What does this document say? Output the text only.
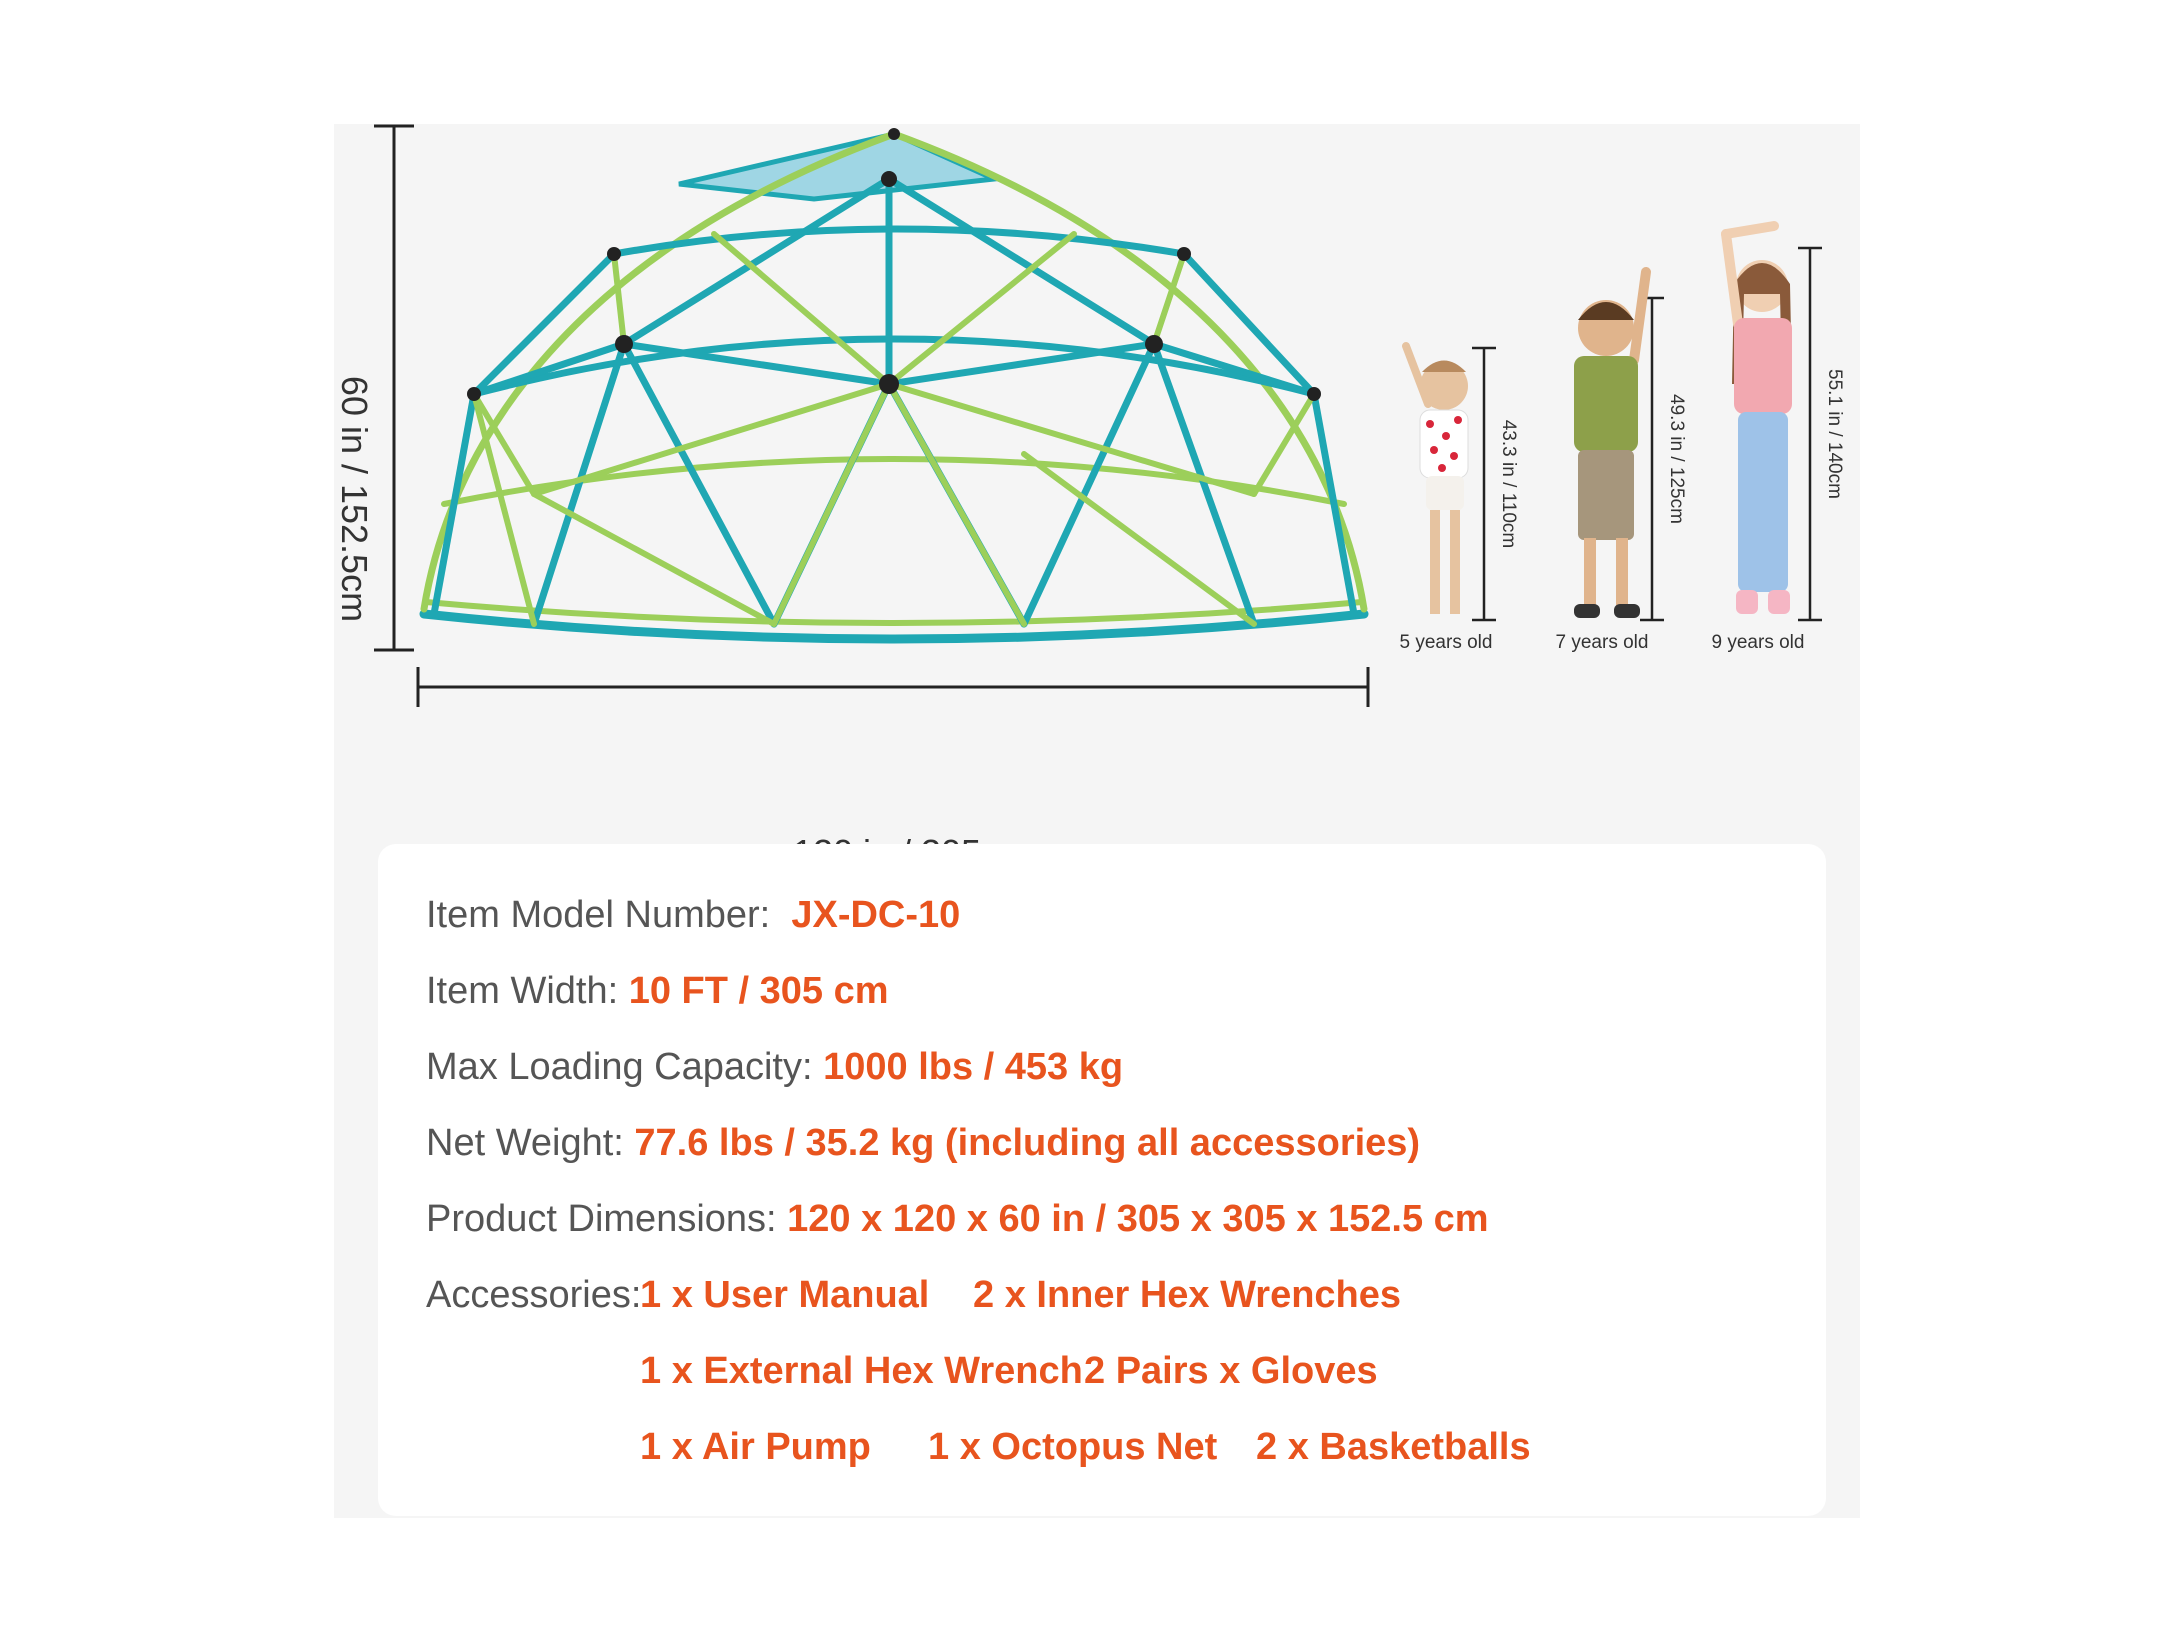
60 in / 152.5cm	43.3 in / 110cm	49.3 in / 125cm	55.1 in / 140cm
5 years old	7 years old	9 years old
Item Model Number: JX-DC-10
Item Width: 10 FT / 305 cm
Max Loading Capacity: 1000 lbs / 453 kg
Net Weight: 77.6 lbs / 35.2 kg (including all accessories)
Product Dimensions: 120 x 120 x 60 in / 305 x 305 x 152.5 cm
Accessories:
1 x User Manual 2 x Inner Hex Wrenches
1 x External Hex Wrench 2 Pairs x Gloves
1 x Air Pump 1 x Octopus Net 2 x Basketballs
